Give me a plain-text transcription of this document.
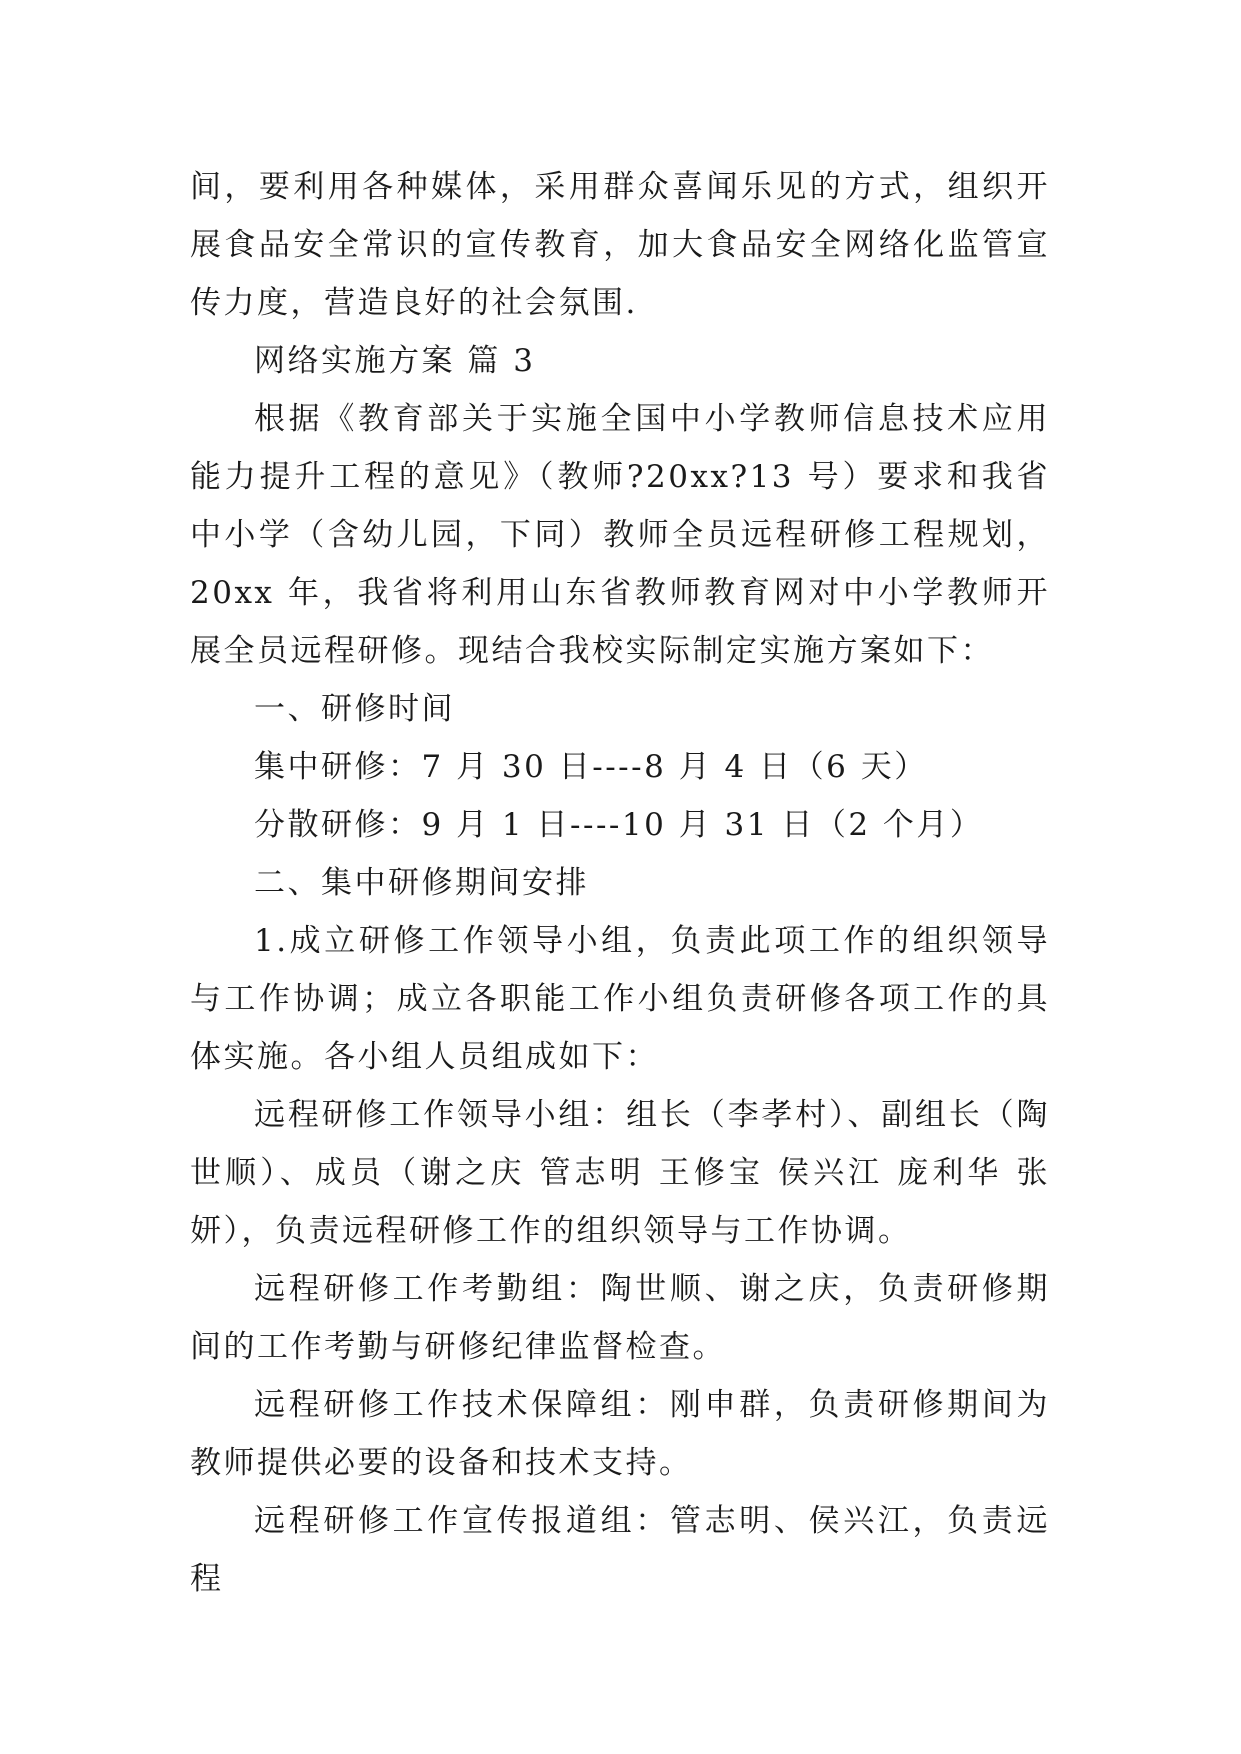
间，要利用各种媒体，采用群众喜闻乐见的方式，组织开展食品安全常识的宣传教育，加大食品安全网络化监管宣传力度，营造良好的社会氛围.

网络实施方案 篇 3

根据《教育部关于实施全国中小学教师信息技术应用能力提升工程的意见》（教师?20xx?13 号）要求和我省中小学（含幼儿园，下同）教师全员远程研修工程规划， 20xx 年，我省将利用山东省教师教育网对中小学教师开展全员远程研修。现结合我校实际制定实施方案如下：

一、研修时间

集中研修：7 月 30 日----8 月 4 日（6 天）

分散研修：9 月 1 日----10 月 31 日（2 个月）

二、集中研修期间安排

1.成立研修工作领导小组，负责此项工作的组织领导与工作协调；成立各职能工作小组负责研修各项工作的具体实施。各小组人员组成如下：

远程研修工作领导小组：组长（李孝村）、副组长（陶世顺）、成员（谢之庆 管志明 王修宝 侯兴江 庞利华 张妍），负责远程研修工作的组织领导与工作协调。

远程研修工作考勤组：陶世顺、谢之庆，负责研修期间的工作考勤与研修纪律监督检查。

远程研修工作技术保障组：刚申群，负责研修期间为教师提供必要的设备和技术支持。

远程研修工作宣传报道组：管志明、侯兴江，负责远程
